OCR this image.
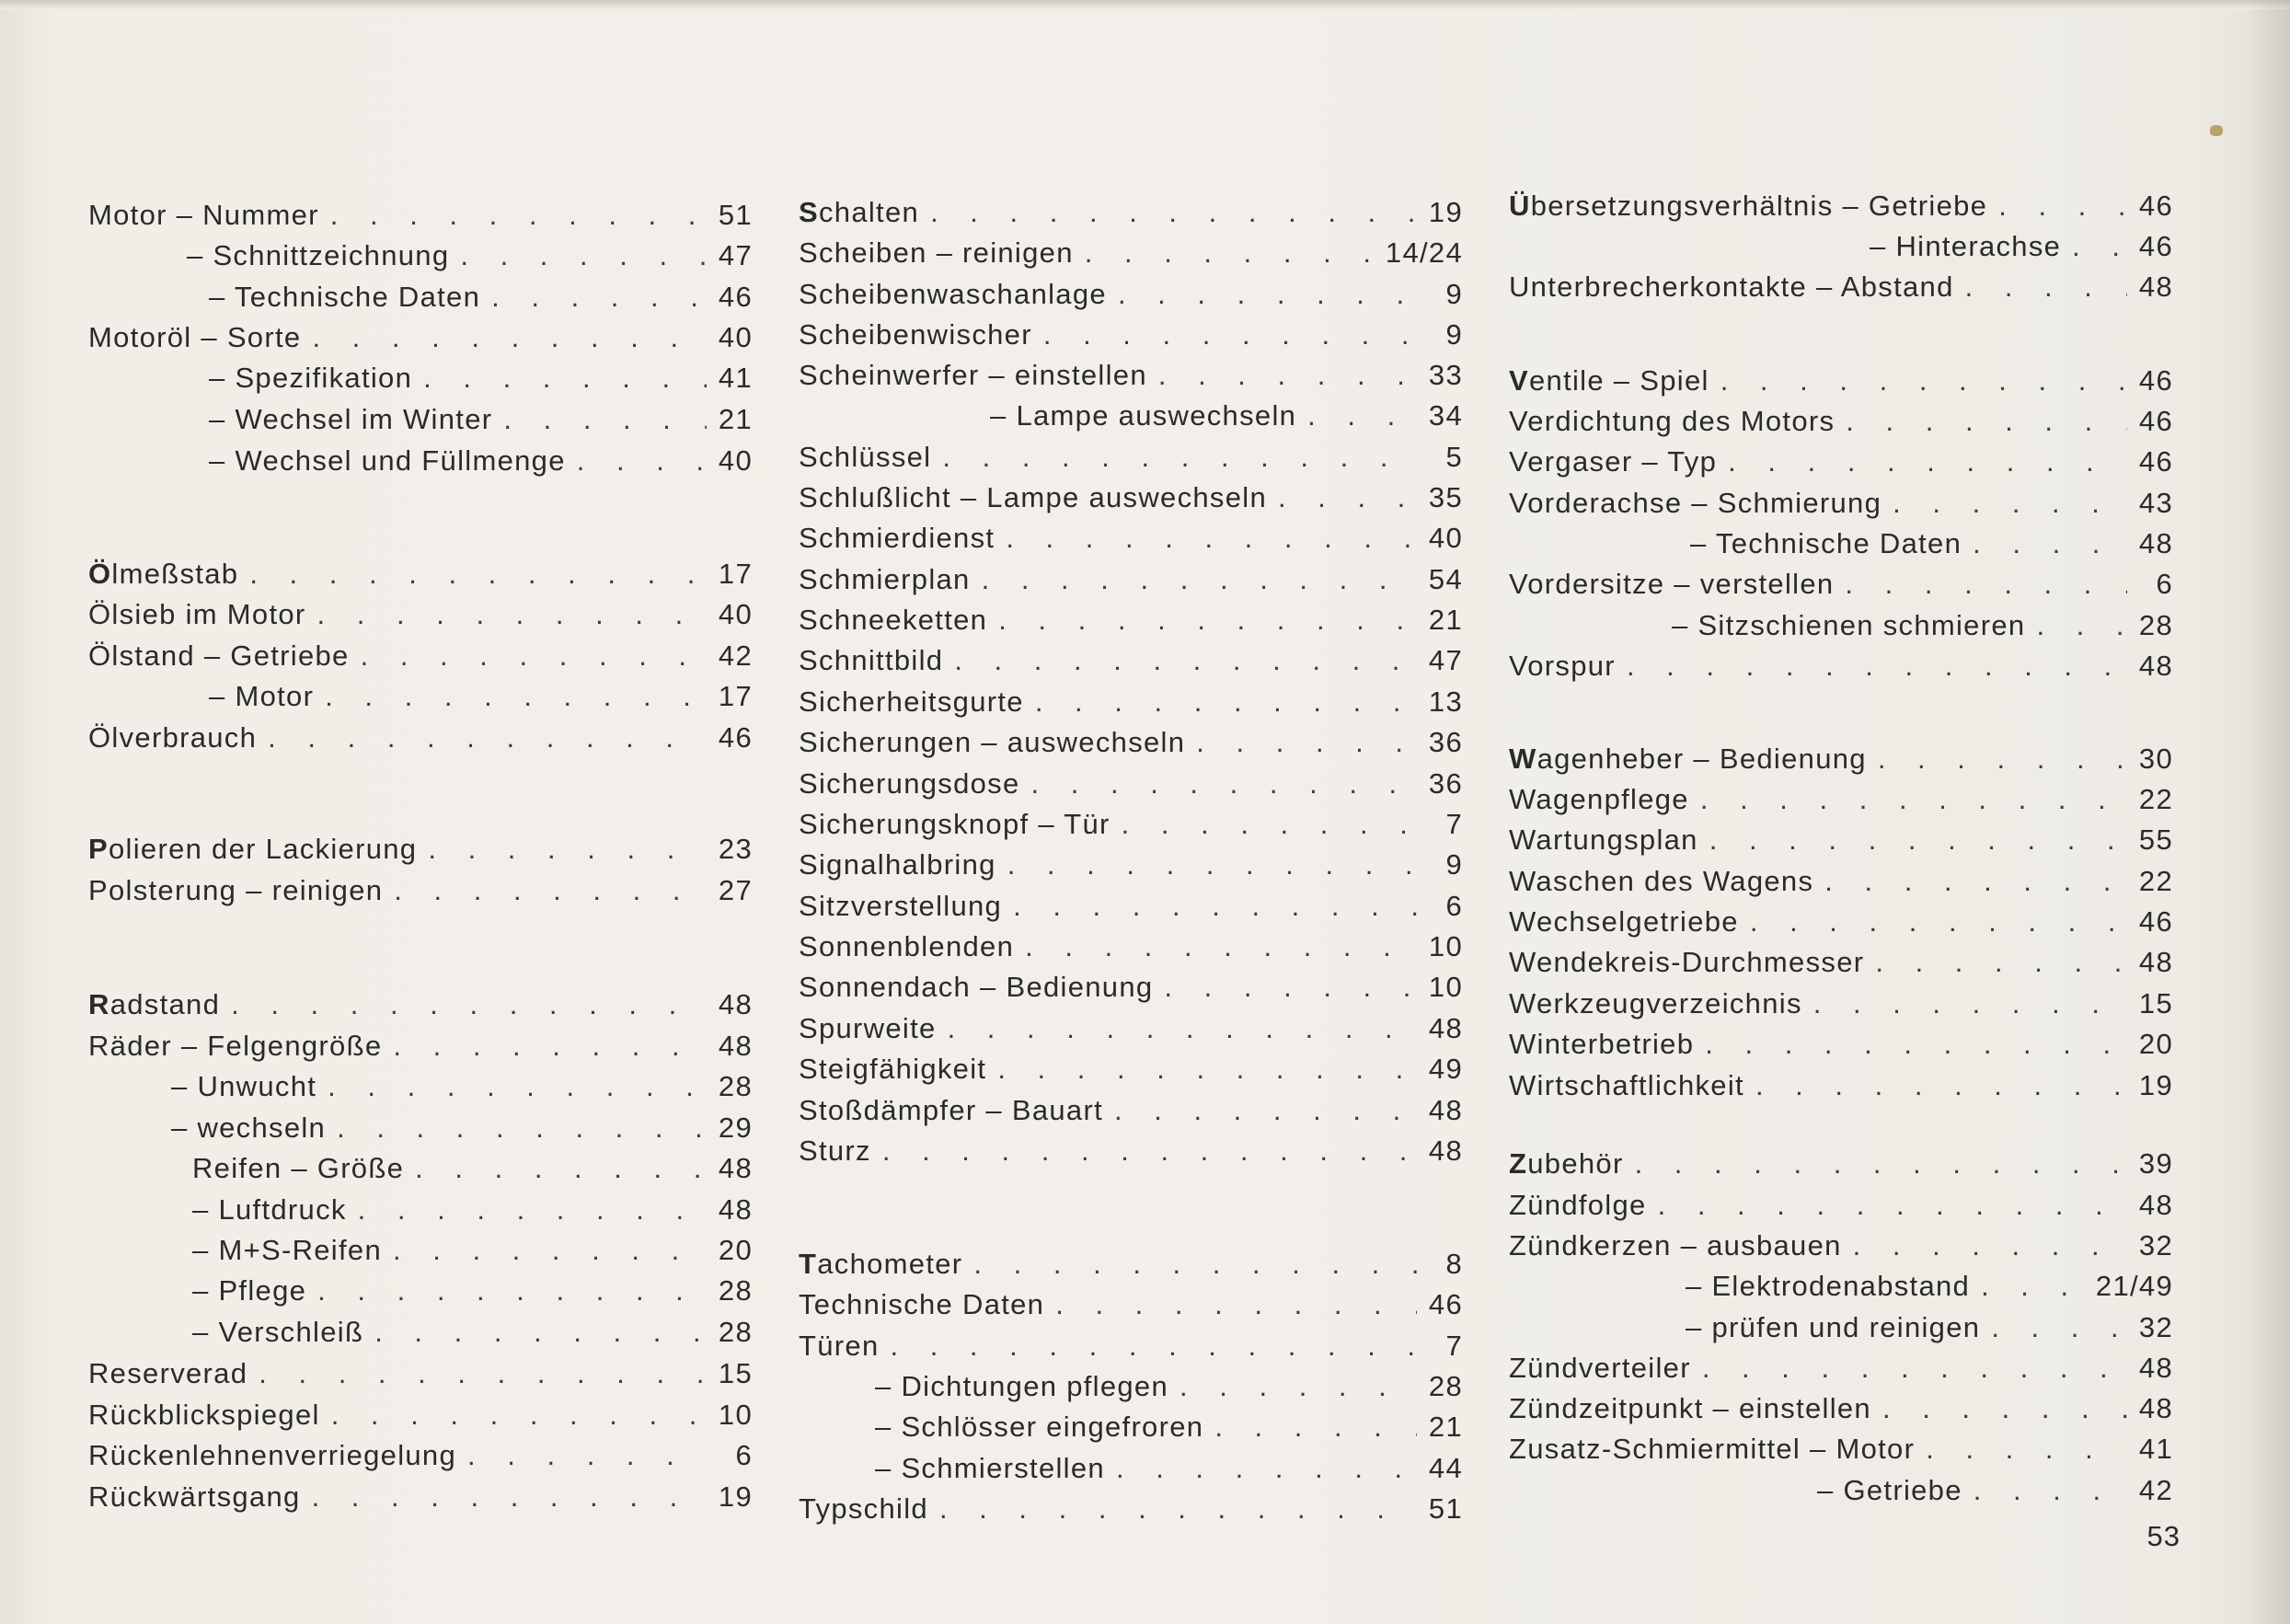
Motor – Nummer . . .	51
– Schnittzeichnung . . .	47
– Technische Daten . . .	46
Motoröl – Sorte . . .	40
– Spezifikation . . .	41
– Wechsel im Winter . . .	21
– Wechsel und Füllmenge . . .	40
Ölmeßstab . . .	17
Ölsieb im Motor . . .	40
Ölstand – Getriebe . . .	42
– Motor . . .	17
Ölverbrauch . . .	46
Polieren der Lackierung . . .	23
Polsterung – reinigen . . .	27
Radstand . . .	48
Räder – Felgengröße . . .	48
– Unwucht . . .	28
– wechseln . . .	29
Reifen – Größe . . .	48
– Luftdruck . . .	48
– M+S-Reifen . . .	20
– Pflege . . .	28
– Verschleiß . . .	28
Reserverad . . .	15
Rückblickspiegel . . .	10
Rückenlehnenverriegelung . . .	6
Rückwärtsgang . . .	19
Schalten . . .	19
Scheiben – reinigen . . .	14/24
Scheibenwaschanlage . . .	9
Scheibenwischer . . .	9
Scheinwerfer – einstellen . . .	33
– Lampe auswechseln . . .	34
Schlüssel . . .	5
Schlußlicht – Lampe auswechseln . . .	35
Schmierdienst . . .	40
Schmierplan . . .	54
Schneeketten . . .	21
Schnittbild . . .	47
Sicherheitsgurte . . .	13
Sicherungen – auswechseln . . .	36
Sicherungsdose . . .	36
Sicherungsknopf – Tür . . .	7
Signalhalbring . . .	9
Sitzverstellung . . .	6
Sonnenblenden . . .	10
Sonnendach – Bedienung . . .	10
Spurweite . . .	48
Steigfähigkeit . . .	49
Stoßdämpfer – Bauart . . .	48
Sturz . . .	48
Tachometer . . .	8
Technische Daten . . .	46
Türen . . .	7
– Dichtungen pflegen . . .	28
– Schlösser eingefroren . . .	21
– Schmierstellen . . .	44
Typschild . . .	51
Übersetzungsverhältnis – Getriebe . . .	46
– Hinterachse . . .	46
Unterbrecherkontakte – Abstand . . .	48
Ventile – Spiel . . .	46
Verdichtung des Motors . . .	46
Vergaser – Typ . . .	46
Vorderachse – Schmierung . . .	43
– Technische Daten . . .	48
Vordersitze – verstellen . . .	6
– Sitzschienen schmieren . . .	28
Vorspur . . .	48
Wagenheber – Bedienung . . .	30
Wagenpflege . . .	22
Wartungsplan . . .	55
Waschen des Wagens . . .	22
Wechselgetriebe . . .	46
Wendekreis-Durchmesser . . .	48
Werkzeugverzeichnis . . .	15
Winterbetrieb . . .	20
Wirtschaftlichkeit . . .	19
Zubehör . . .	39
Zündfolge . . .	48
Zündkerzen – ausbauen . . .	32
– Elektrodenabstand . . .	21/49
– prüfen und reinigen . . .	32
Zündverteiler . . .	48
Zündzeitpunkt – einstellen . . .	48
Zusatz-Schmiermittel – Motor . . .	41
– Getriebe . . .	42
53
